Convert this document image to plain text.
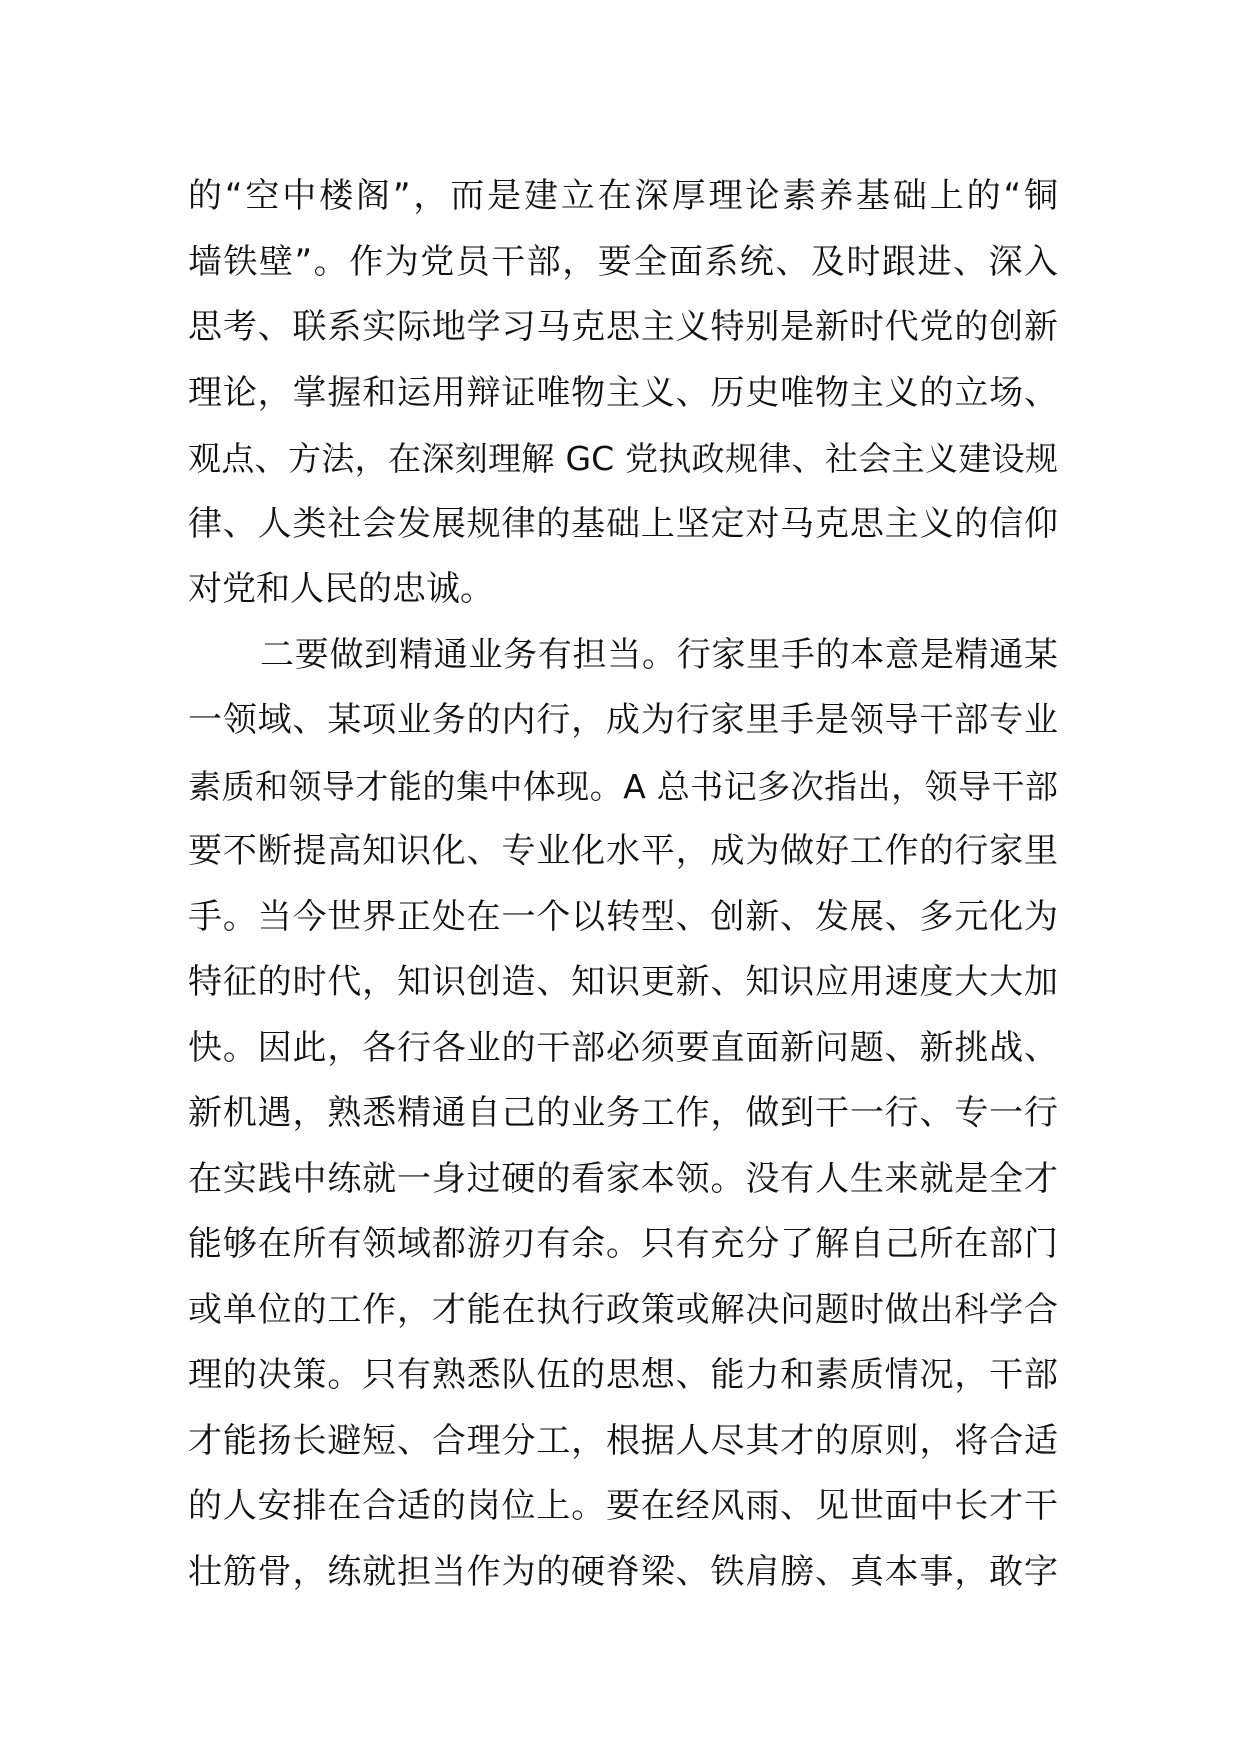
的“空中楼阁”，而是建立在深厚理论素养基础上的“铜
墙铁壁”。作为党员干部，要全面系统、及时跟进、深入
思考、联系实际地学习马克思主义特别是新时代党的创新
理论，掌握和运用辩证唯物主义、历史唯物主义的立场、
观点、方法，在深刻理解 GC 党执政规律、社会主义建设规
律、人类社会发展规律的基础上坚定对马克思主义的信仰
对党和人民的忠诚。
二要做到精通业务有担当。行家里手的本意是精通某
一领域、某项业务的内行，成为行家里手是领导干部专业
素质和领导才能的集中体现。A 总书记多次指出，领导干部
要不断提高知识化、专业化水平，成为做好工作的行家里
手。当今世界正处在一个以转型、创新、发展、多元化为
特征的时代，知识创造、知识更新、知识应用速度大大加
快。因此，各行各业的干部必须要直面新问题、新挑战、
新机遇，熟悉精通自己的业务工作，做到干一行、专一行
在实践中练就一身过硬的看家本领。没有人生来就是全才
能够在所有领域都游刃有余。只有充分了解自己所在部门
或单位的工作，才能在执行政策或解决问题时做出科学合
理的决策。只有熟悉队伍的思想、能力和素质情况，干部
才能扬长避短、合理分工，根据人尽其才的原则，将合适
的人安排在合适的岗位上。要在经风雨、见世面中长才干
壮筋骨，练就担当作为的硬脊梁、铁肩膀、真本事，敢字
